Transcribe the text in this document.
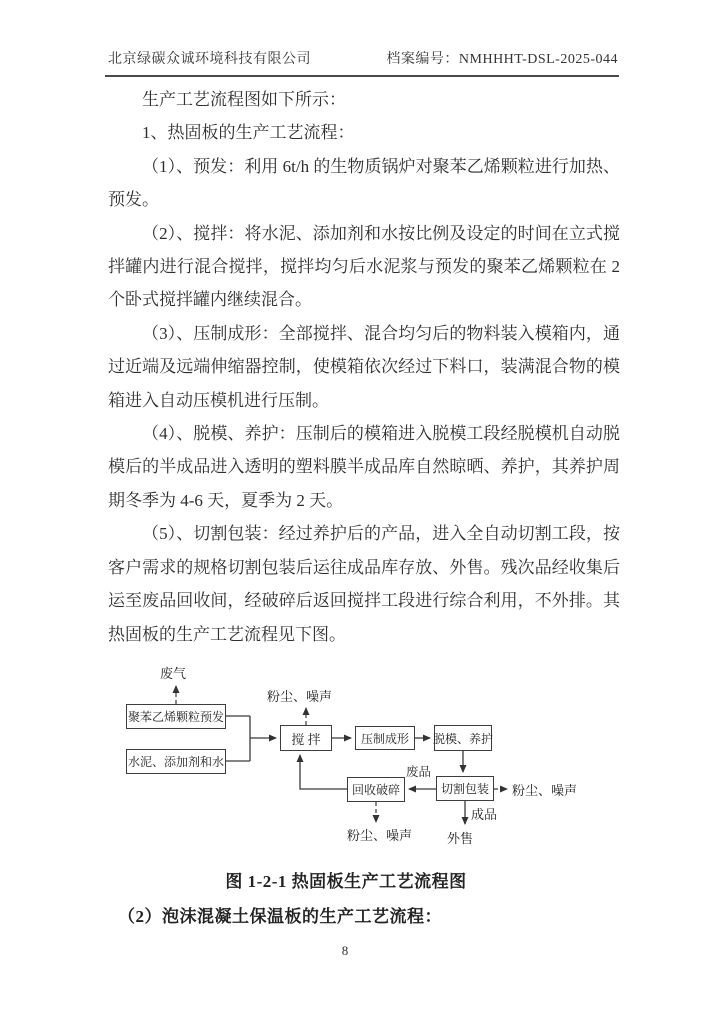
北京绿碳众诚环境科技有限公司	档案编号：NMHHHT-DSL-2025-044

生产工艺流程图如下所示：

1、热固板的生产工艺流程：

（1）、预发：利用 6t/h 的生物质锅炉对聚苯乙烯颗粒进行加热、预发。

（2）、搅拌：将水泥、添加剂和水按比例及设定的时间在立式搅拌罐内进行混合搅拌，搅拌均匀后水泥浆与预发的聚苯乙烯颗粒在 2 个卧式搅拌罐内继续混合。

（3）、压制成形：全部搅拌、混合均匀后的物料装入模箱内，通过近端及远端伸缩器控制，使模箱依次经过下料口，装满混合物的模箱进入自动压模机进行压制。

（4）、脱模、养护：压制后的模箱进入脱模工段经脱模机自动脱模后的半成品进入透明的塑料膜半成品库自然晾晒、养护，其养护周期冬季为 4-6 天，夏季为 2 天。

（5）、切割包装：经过养护后的产品，进入全自动切割工段，按客户需求的规格切割包装后运往成品库存放、外售。残次品经收集后运至废品回收间，经破碎后返回搅拌工段进行综合利用，不外排。其热固板的生产工艺流程见下图。

聚苯乙烯颗粒预发
水泥、添加剂和水
搅 拌	压制成形	脱模、养护
切割包装
回收破碎
废气
粉尘、噪声
废品
粉尘、噪声
成品
外售
粉尘、噪声
图 1-2-1 热固板生产工艺流程图
（2）泡沫混凝土保温板的生产工艺流程：
8
